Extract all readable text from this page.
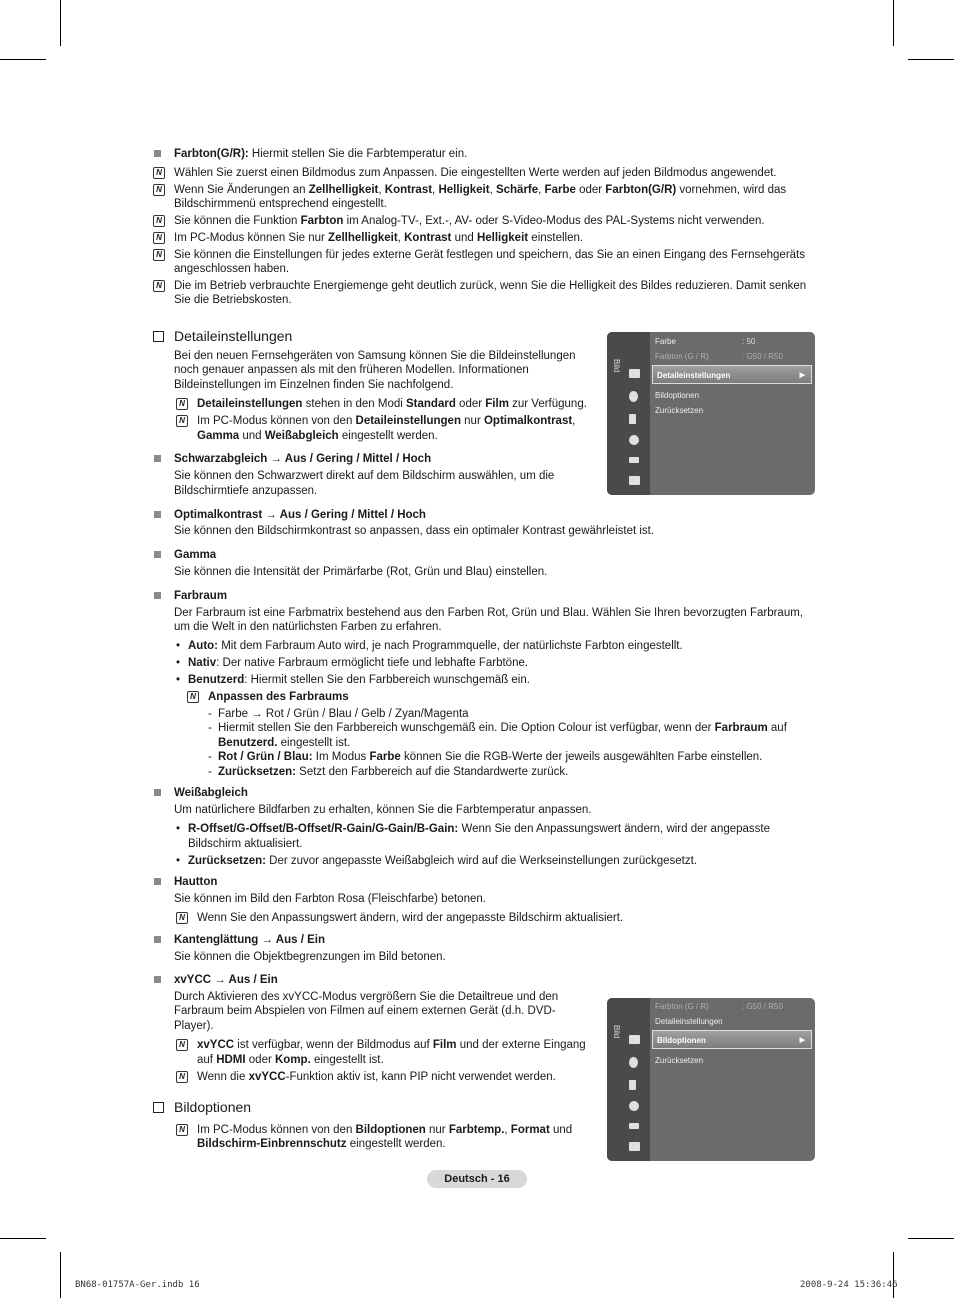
Farbton(G/R): Hiermit stellen Sie die Farbtemperatur ein.
N
Wählen Sie zuerst einen Bildmodus zum Anpassen. Die eingestellten Werte werden auf jeden Bildmodus angewendet.
N
Wenn Sie Änderungen an Zellhelligkeit, Kontrast, Helligkeit, Schärfe, Farbe oder Farbton(G/R) vornehmen, wird das
Bildschirmmenü entsprechend eingestellt.
N
Sie können die Funktion Farbton im Analog-TV-, Ext.-, AV- oder S-Video-Modus des PAL-Systems nicht verwenden.
N
Im PC-Modus können Sie nur Zellhelligkeit, Kontrast und Helligkeit einstellen.
N
Sie können die Einstellungen für jedes externe Gerät festlegen und speichern, das Sie an einen Eingang des Fernsehgeräts
angeschlossen haben.
N
Die im Betrieb verbrauchte Energiemenge geht deutlich zurück, wenn Sie die Helligkeit des Bildes reduzieren. Damit senken
Sie die Betriebskosten.
Detaileinstellungen
Bei den neuen Fernsehgeräten von Samsung können Sie die Bildeinstellungen
noch genauer anpassen als mit den früheren Modellen. Informationen
Bildeinstellungen im Einzelnen finden Sie nachfolgend.
N
Detaileinstellungen stehen in den Modi Standard oder Film zur Verfügung.
N
Im PC-Modus können von den Detaileinstellungen nur Optimalkontrast,
Gamma und Weißabgleich eingestellt werden.
Schwarzabgleich → Aus / Gering / Mittel / Hoch
Sie können den Schwarzwert direkt auf dem Bildschirm auswählen, um die
Bildschirmtiefe anzupassen.
Optimalkontrast → Aus / Gering / Mittel / Hoch
Sie können den Bildschirmkontrast so anpassen, dass ein optimaler Kontrast gewährleistet ist.
Gamma
Sie können die Intensität der Primärfarbe (Rot, Grün und Blau) einstellen.
Farbraum
Der Farbraum ist eine Farbmatrix bestehend aus den Farben Rot, Grün und Blau. Wählen Sie Ihren bevorzugten Farbraum,
um die Welt in den natürlichsten Farben zu erfahren.
• Auto: Mit dem Farbraum Auto wird, je nach Programmquelle, der natürlichste Farbton eingestellt.
• Nativ: Der native Farbraum ermöglicht tiefe und lebhafte Farbtöne.
• Benutzerd: Hiermit stellen Sie den Farbbereich wunschgemäß ein.
N
Anpassen des Farbraums
- Farbe → Rot / Grün / Blau / Gelb / Zyan/Magenta
- Hiermit stellen Sie den Farbbereich wunschgemäß ein. Die Option Colour ist verfügbar, wenn der Farbraum auf
Benutzerd. eingestellt ist.
- Rot / Grün / Blau: Im Modus Farbe können Sie die RGB-Werte der jeweils ausgewählten Farbe einstellen.
- Zurücksetzen: Setzt den Farbbereich auf die Standardwerte zurück.
Weißabgleich
Um natürlichere Bildfarben zu erhalten, können Sie die Farbtemperatur anpassen.
• R-Offset/G-Offset/B-Offset/R-Gain/G-Gain/B-Gain: Wenn Sie den Anpassungswert ändern, wird der angepasste
Bildschirm aktualisiert.
• Zurücksetzen: Der zuvor angepasste Weißabgleich wird auf die Werkseinstellungen zurückgesetzt.
Hautton
Sie können im Bild den Farbton Rosa (Fleischfarbe) betonen.
N
Wenn Sie den Anpassungswert ändern, wird der angepasste Bildschirm aktualisiert.
Kantenglättung → Aus / Ein
Sie können die Objektbegrenzungen im Bild betonen.
xvYCC → Aus / Ein
Durch Aktivieren des xvYCC-Modus vergrößern Sie die Detailtreue und den
Farbraum beim Abspielen von Filmen auf einem externen Gerät (d.h. DVD-
Player).
N
xvYCC ist verfügbar, wenn der Bildmodus auf Film und der externe Eingang
auf HDMI oder Komp. eingestellt ist.
N
Wenn die xvYCC-Funktion aktiv ist, kann PIP nicht verwendet werden.
Bildoptionen
N
Im PC-Modus können von den Bildoptionen nur Farbtemp., Format und
Bildschirm-Einbrennschutz eingestellt werden.
Bild
Farbe	: 50
Farbton (G / R)	: G50 / R50
Detaileinstellungen	▶
Bildoptionen
Zurücksetzen
Bild
Farbton (G / R)	: G50 / R50
Detaileinstellungen
Bildoptionen	▶
Zurücksetzen
Deutsch - 16
BN68-01757A-Ger.indb 16	2008-9-24 15:36:46
